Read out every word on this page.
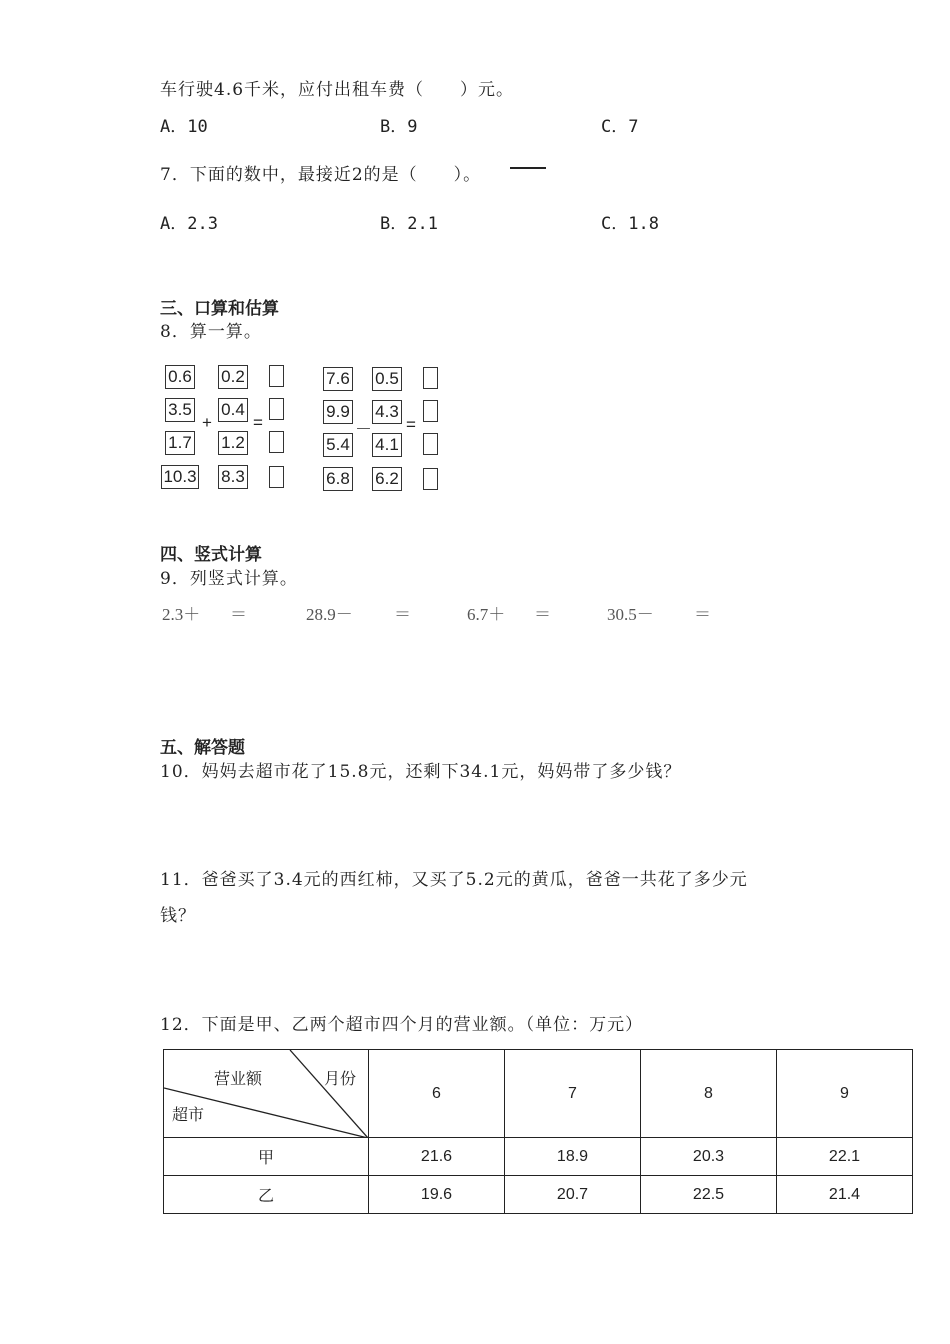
车行驶4.6千米，应付出租车费（　　）元。
A．10	B．9	C．7
7．下面的数中，最接近2的是（　　）。
A．2.3	B．2.1	C．1.8
三、口算和估算
8．算一算。
0.6
3.5
1.7
10.3
+
0.2
0.4
1.2
8.3
=
7.6
9.9
5.4
6.8
－
0.5
4.3
4.1
6.2
=
四、竖式计算
9．列竖式计算。
2.3＋ ＝	28.9－ ＝	6.7＋ ＝	30.5－ ＝
五、解答题
10．妈妈去超市花了15.8元，还剩下34.1元，妈妈带了多少钱？
11．爸爸买了3.4元的西红柿，又买了5.2元的黄瓜，爸爸一共花了多少元
钱？
12．下面是甲、乙两个超市四个月的营业额。（单位：万元）
营业额 月份
超市	6	7	8	9
甲	21.6	18.9	20.3	22.1
乙	19.6	20.7	22.5	21.4
